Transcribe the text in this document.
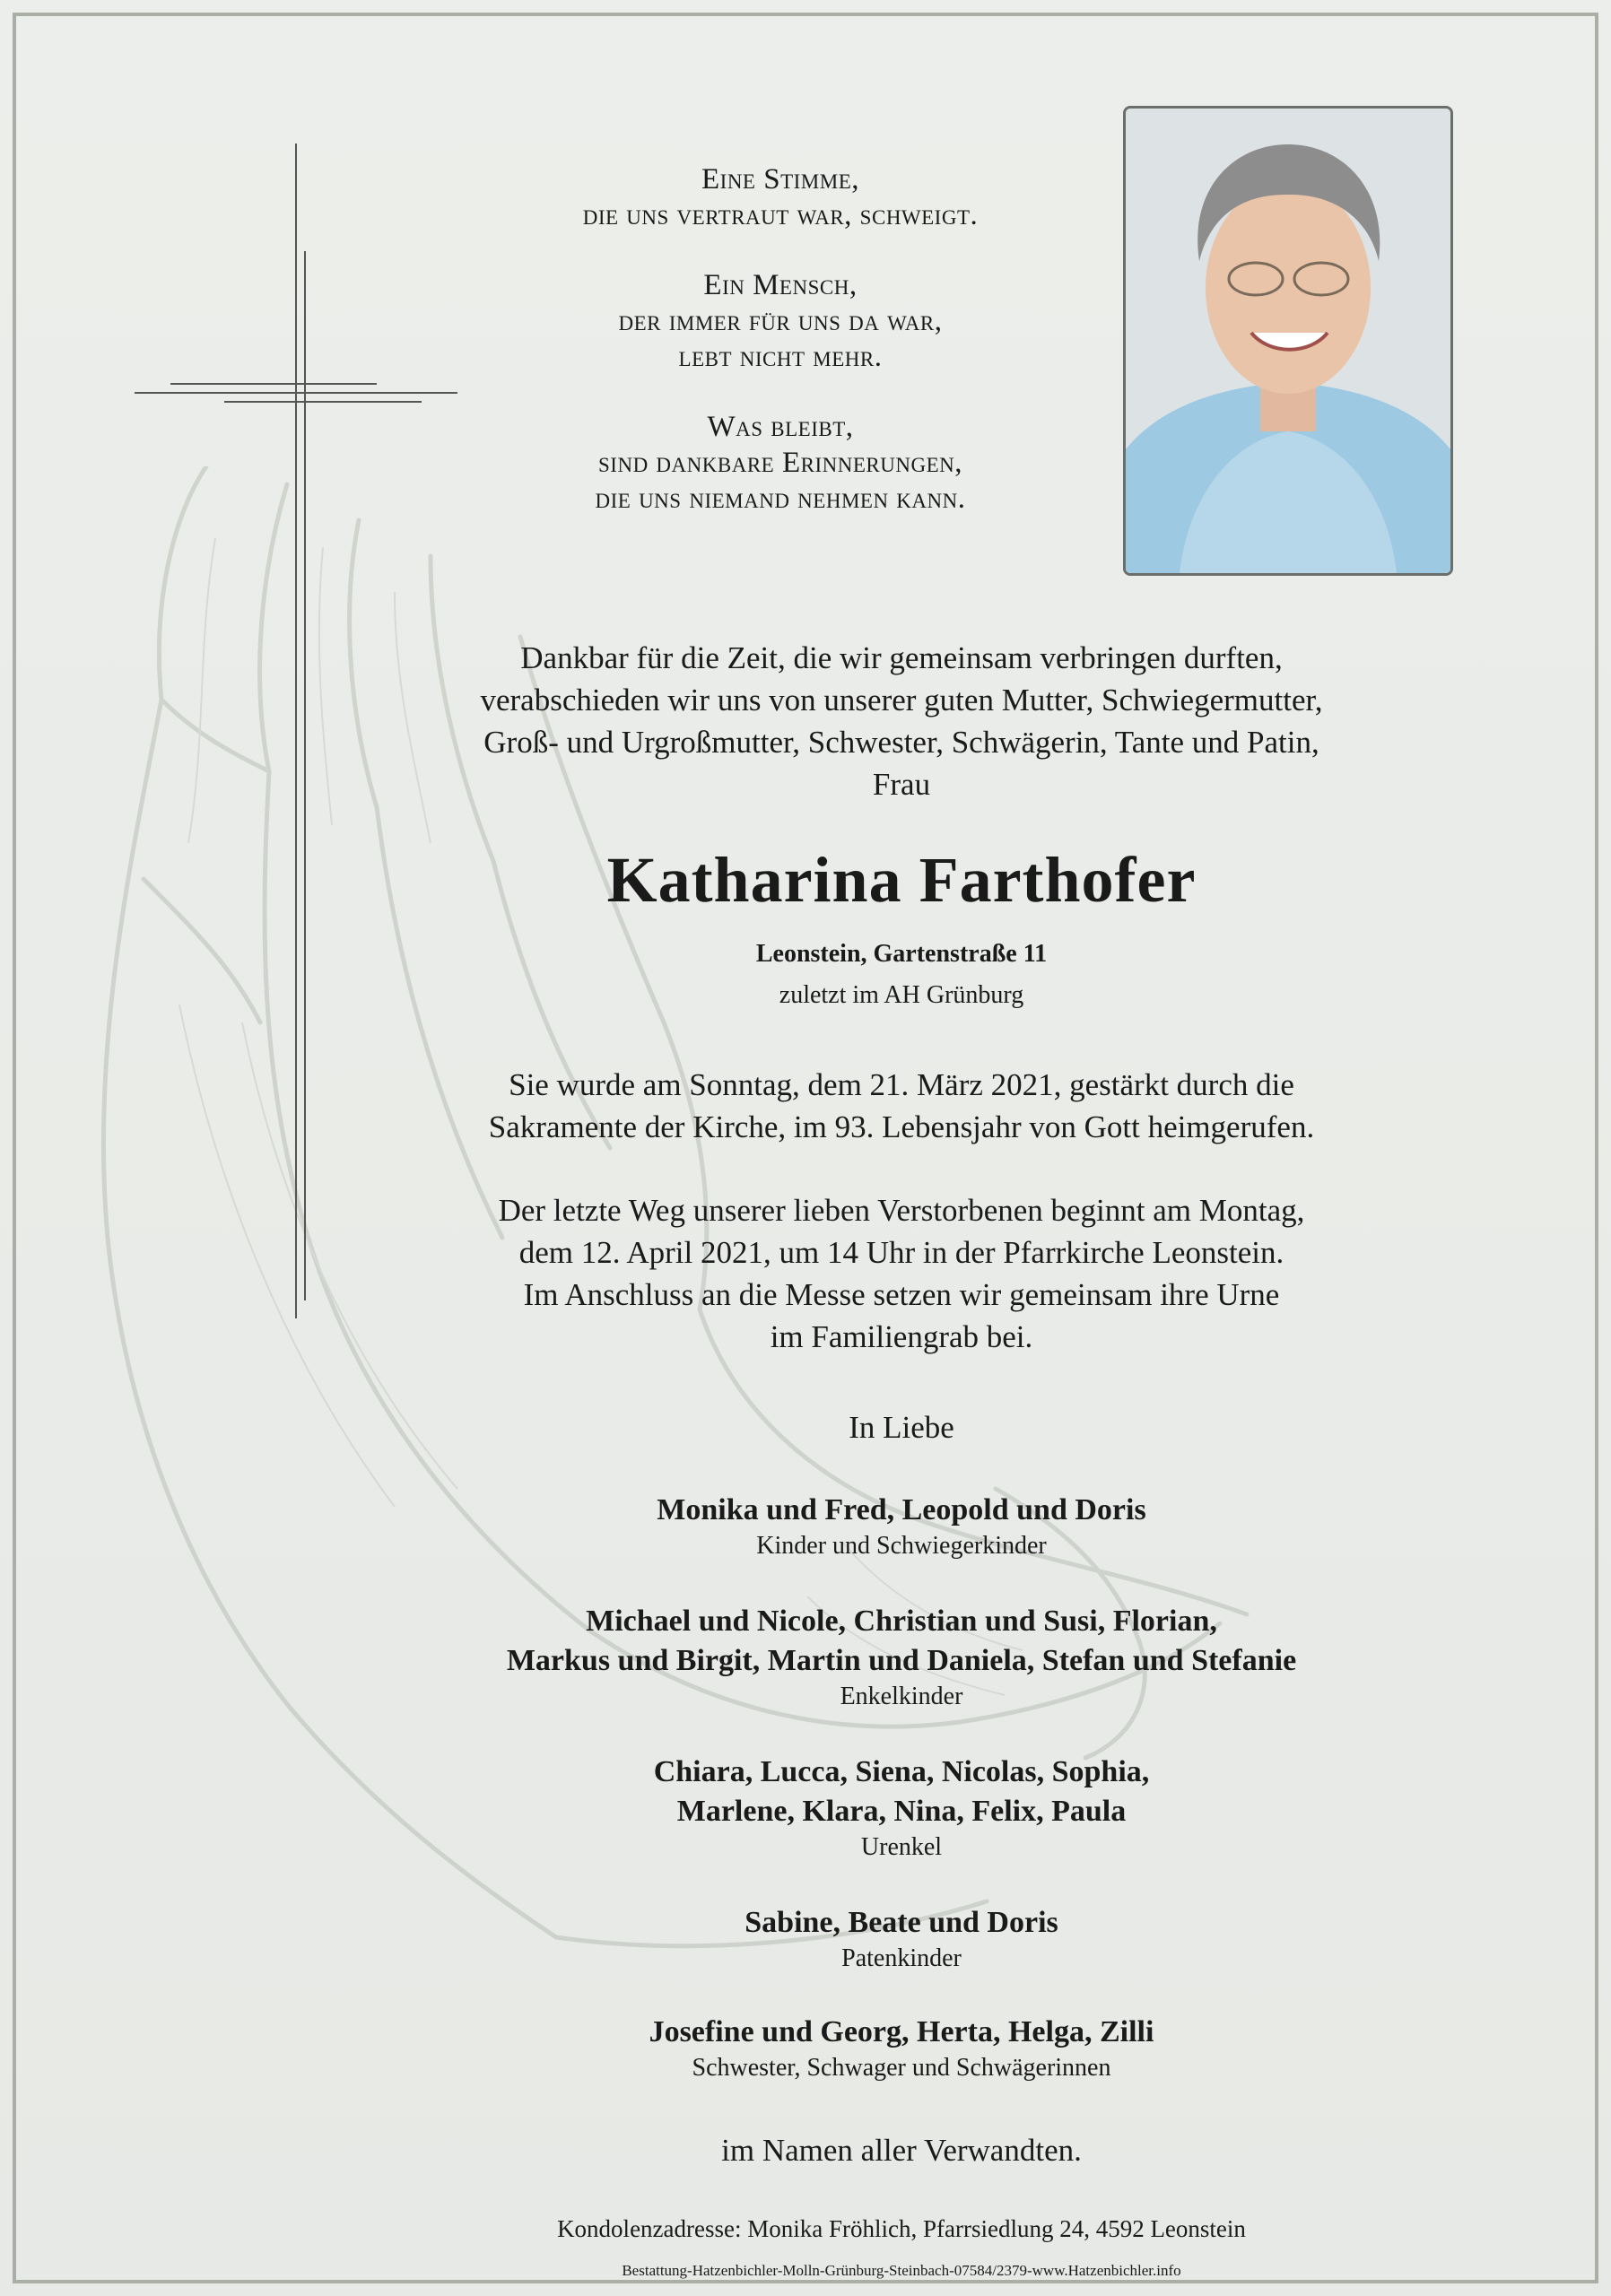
Eine Stimme,
die uns vertraut war, schweigt.

Ein Mensch,
der immer für uns da war,
lebt nicht mehr.

Was bleibt,
sind dankbare Erinnerungen,
die uns niemand nehmen kann.

Dankbar für die Zeit, die wir gemeinsam verbringen durften,
verabschieden wir uns von unserer guten Mutter, Schwiegermutter,
Groß- und Urgroßmutter, Schwester, Schwägerin, Tante und Patin,
Frau
Katharina Farthofer
Leonstein, Gartenstraße 11
zuletzt im AH Grünburg
Sie wurde am Sonntag, dem 21. März 2021, gestärkt durch die
Sakramente der Kirche, im 93. Lebensjahr von Gott heimgerufen.
Der letzte Weg unserer lieben Verstorbenen beginnt am Montag,
dem 12. April 2021, um 14 Uhr in der Pfarrkirche Leonstein.
Im Anschluss an die Messe setzen wir gemeinsam ihre Urne
im Familiengrab bei.
In Liebe
Monika und Fred, Leopold und Doris
Kinder und Schwiegerkinder
Michael und Nicole, Christian und Susi, Florian,
Markus und Birgit, Martin und Daniela, Stefan und Stefanie
Enkelkinder
Chiara, Lucca, Siena, Nicolas, Sophia,
Marlene, Klara, Nina, Felix, Paula
Urenkel
Sabine, Beate und Doris
Patenkinder
Josefine und Georg, Herta, Helga, Zilli
Schwester, Schwager und Schwägerinnen
im Namen aller Verwandten.
Kondolenzadresse: Monika Fröhlich, Pfarrsiedlung 24, 4592 Leonstein
Bestattung-Hatzenbichler-Molln-Grünburg-Steinbach-07584/2379-www.Hatzenbichler.info
